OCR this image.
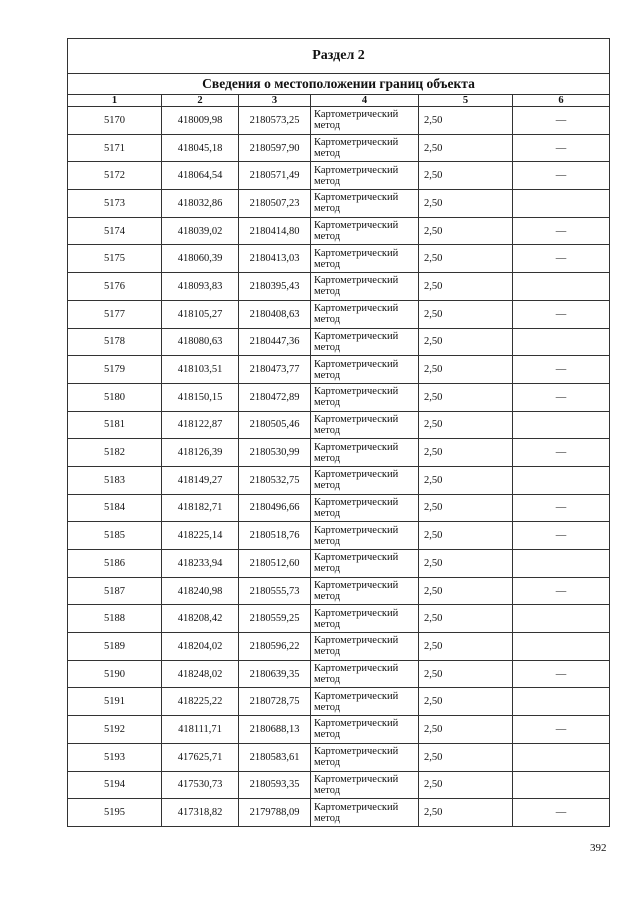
Раздел 2					
Сведения о местоположении границ объекта					
1	2	3	4	5	6
5170	418009,98	2180573,25	Картометрический метод	2,50	—
5171	418045,18	2180597,90	Картометрический метод	2,50	—
5172	418064,54	2180571,49	Картометрический метод	2,50	—
5173	418032,86	2180507,23	Картометрический метод	2,50	
5174	418039,02	2180414,80	Картометрический метод	2,50	—
5175	418060,39	2180413,03	Картометрический метод	2,50	—
5176	418093,83	2180395,43	Картометрический метод	2,50	
5177	418105,27	2180408,63	Картометрический метод	2,50	—
5178	418080,63	2180447,36	Картометрический метод	2,50	
5179	418103,51	2180473,77	Картометрический метод	2,50	—
5180	418150,15	2180472,89	Картометрический метод	2,50	—
5181	418122,87	2180505,46	Картометрический метод	2,50	
5182	418126,39	2180530,99	Картометрический метод	2,50	—
5183	418149,27	2180532,75	Картометрический метод	2,50	
5184	418182,71	2180496,66	Картометрический метод	2,50	—
5185	418225,14	2180518,76	Картометрический метод	2,50	—
5186	418233,94	2180512,60	Картометрический метод	2,50	
5187	418240,98	2180555,73	Картометрический метод	2,50	—
5188	418208,42	2180559,25	Картометрический метод	2,50	
5189	418204,02	2180596,22	Картометрический метод	2,50	
5190	418248,02	2180639,35	Картометрический метод	2,50	—
5191	418225,22	2180728,75	Картометрический метод	2,50	
5192	418111,71	2180688,13	Картометрический метод	2,50	—
5193	417625,71	2180583,61	Картометрический метод	2,50	
5194	417530,73	2180593,35	Картометрический метод	2,50	
5195	417318,82	2179788,09	Картометрический метод	2,50	—
392
